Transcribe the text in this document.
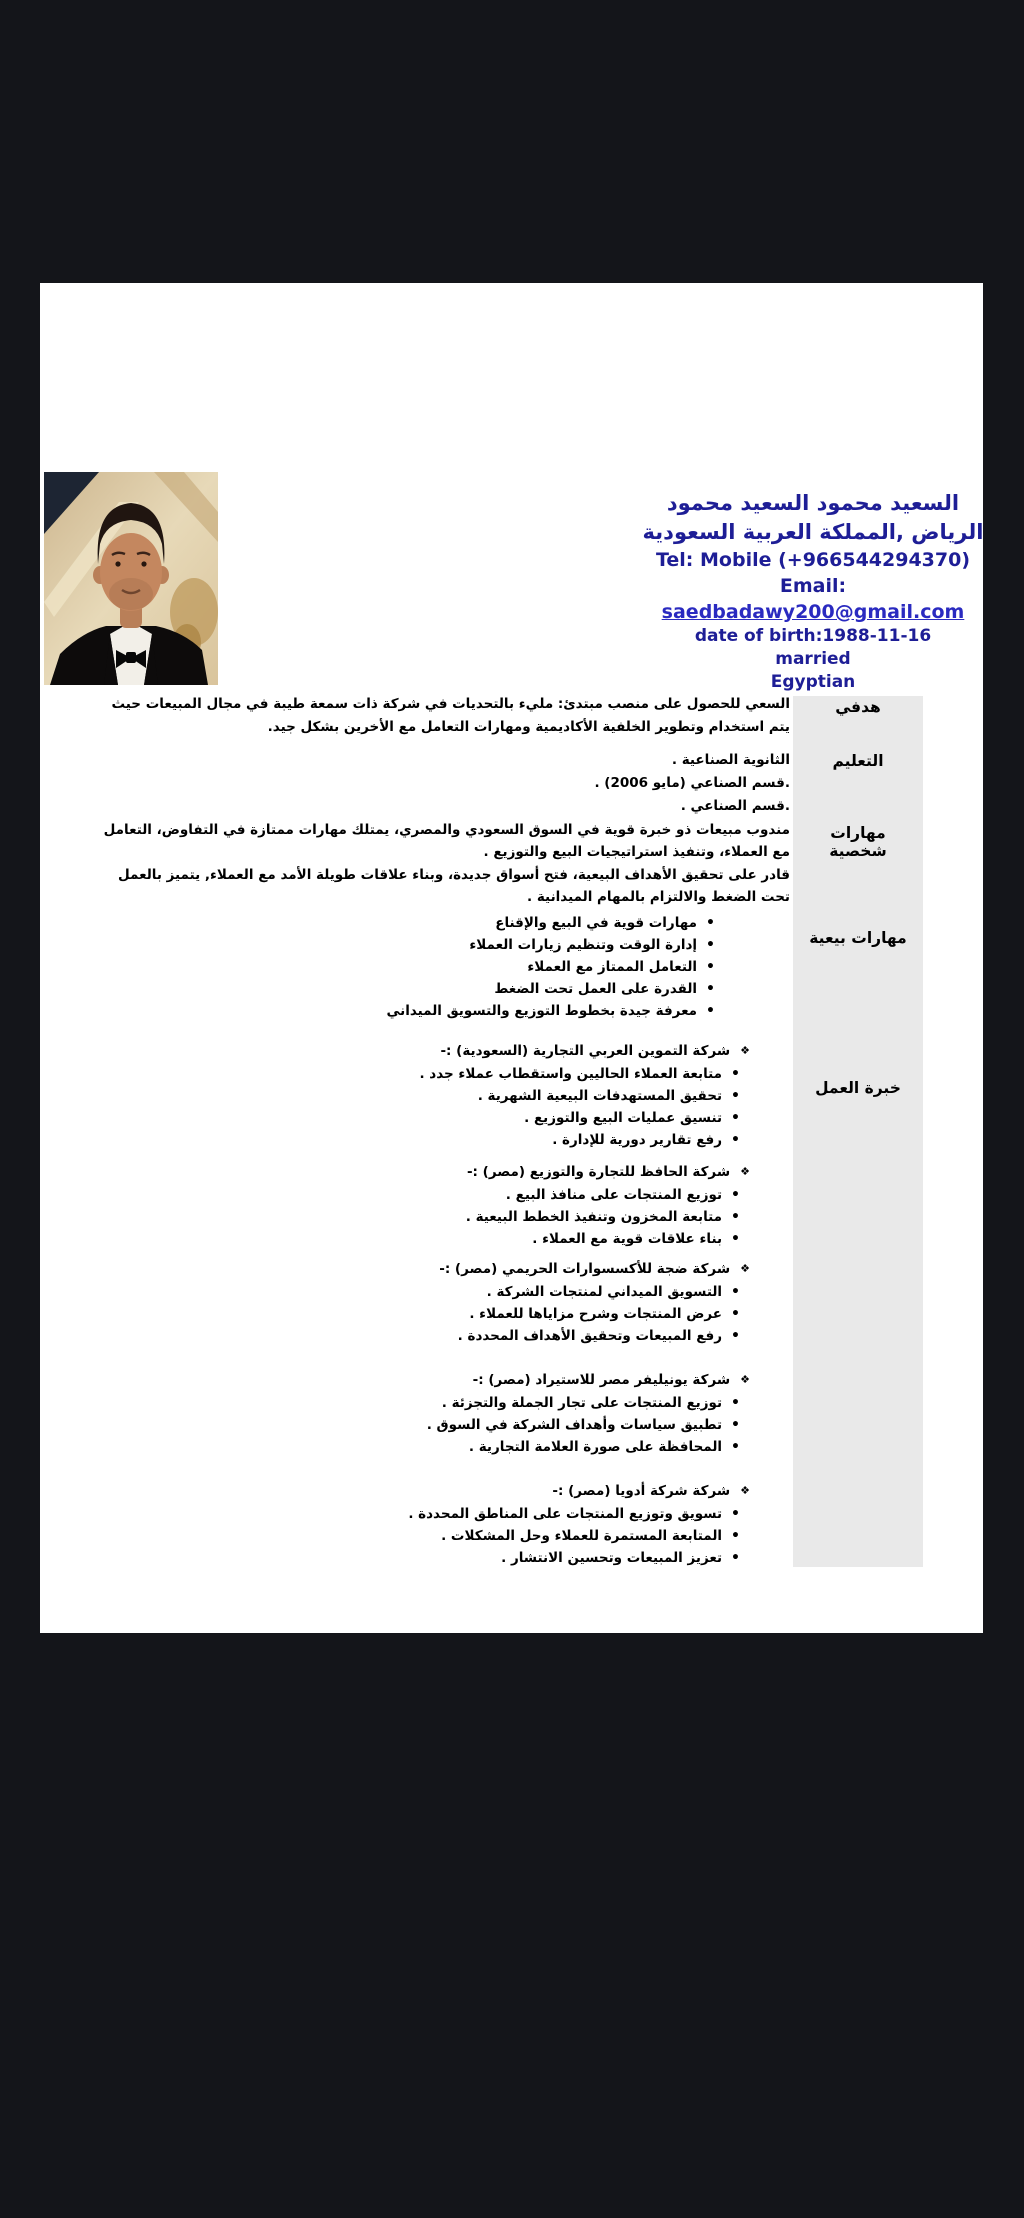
السعيد محمود السعيد محمود
الرياض ,المملكة العربية السعودية
Tel: Mobile (+966544294370)
Email: saedbadawy200@gmail.com
date of birth:1988-11-16
married
Egyptian
هدفي
التعليم
مهارات شخصية
مهارات بيعية
خبرة العمل

السعي للحصول على منصب مبتدئ: مليء بالتحديات في شركة ذات سمعة طيبة في مجال المبيعات حيث يتم استخدام وتطوير الخلفية الأكاديمية ومهارات التعامل مع الأخرين بشكل جيد.

الثانوية الصناعية .
.قسم الصناعي (مايو 2006) .
.قسم الصناعي .

مندوب مبيعات ذو خبرة قوية في السوق السعودي والمصري، يمتلك مهارات ممتازة في التفاوض، التعامل مع العملاء، وتنفيذ استراتيجيات البيع والتوزيع .

قادر على تحقيق الأهداف البيعية، فتح أسواق جديدة، وبناء علاقات طويلة الأمد مع العملاء, يتميز بالعمل تحت الضغط والالتزام بالمهام الميدانية .

•
مهارات قوية في البيع والإقناع
•
إدارة الوقت وتنظيم زيارات العملاء
•
التعامل الممتاز مع العملاء
•
القدرة على العمل تحت الضغط
•
معرفة جيدة بخطوط التوزيع والتسويق الميداني
❖
شركة التموين العربي التجارية (السعودية) :-
•
متابعة العملاء الحاليين واستقطاب عملاء جدد .
•
تحقيق المستهدفات البيعية الشهرية .
•
تنسيق عمليات البيع والتوزيع .
•
رفع تقارير دورية للإدارة .
❖
شركة الحافظ للتجارة والتوزيع (مصر) :-
•
توزيع المنتجات على منافذ البيع .
•
متابعة المخزون وتنفيذ الخطط البيعية .
•
بناء علاقات قوية مع العملاء .
❖
شركة ضجة للأكسسوارات الحريمي (مصر) :-
•
التسويق الميداني لمنتجات الشركة .
•
عرض المنتجات وشرح مزاياها للعملاء .
•
رفع المبيعات وتحقيق الأهداف المحددة .
❖
شركة يونيليفر مصر للاستيراد (مصر) :-
•
توزيع المنتجات على تجار الجملة والتجزئة .
•
تطبيق سياسات وأهداف الشركة في السوق .
•
المحافظة على صورة العلامة التجارية .
❖
شركة شركة أدويا (مصر) :-
•
تسويق وتوزيع المنتجات على المناطق المحددة .
•
المتابعة المستمرة للعملاء وحل المشكلات .
•
تعزيز المبيعات وتحسين الانتشار .
